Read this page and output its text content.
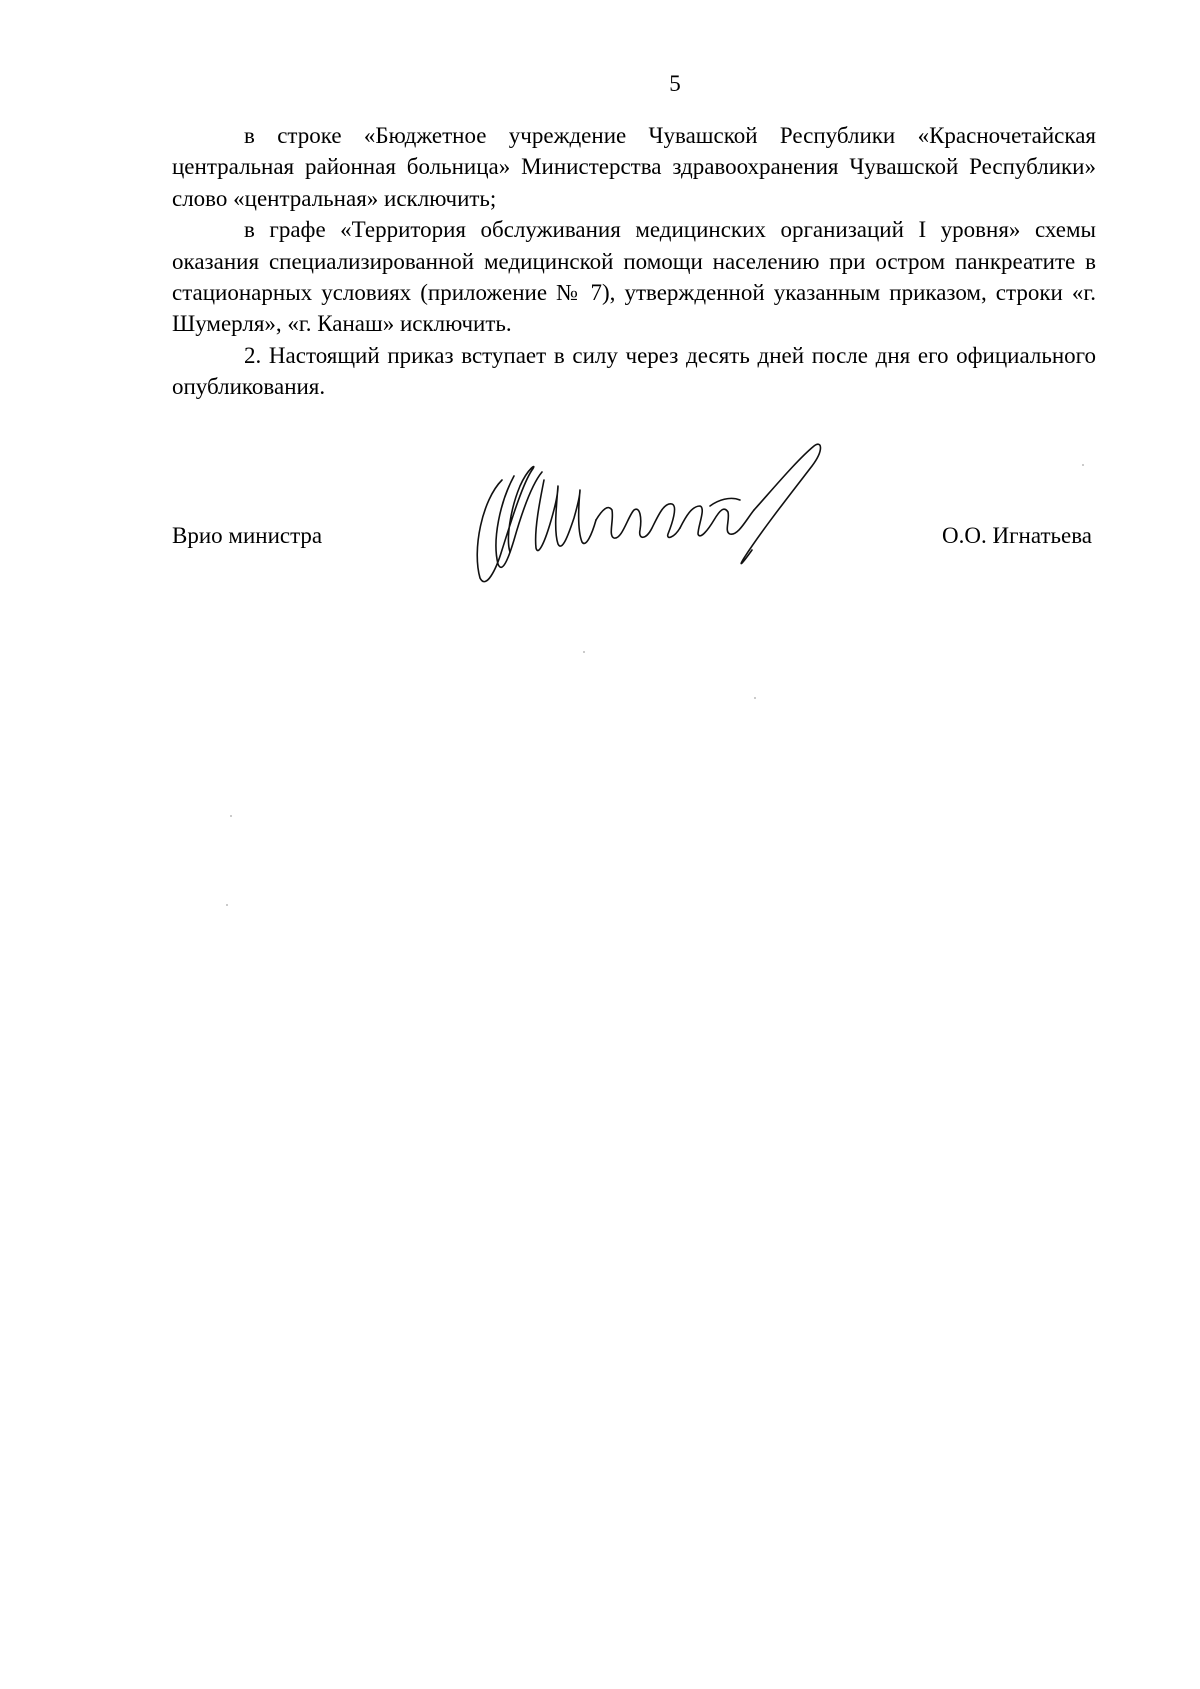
5

в строке «Бюджетное учреждение Чувашской Республики «Красночетайская центральная районная больница» Министерства здравоохранения Чувашской Республики» слово «центральная» исключить;

в графе «Территория обслуживания медицинских организаций I уровня» схемы оказания специализированной медицинской помощи населению при остром панкреатите в стационарных условиях (приложение № 7), утвержденной указанным приказом, строки «г. Шумерля», «г. Канаш» исключить.

2. Настоящий приказ вступает в силу через десять дней после дня его официального опубликования.

Врио министра	О.О. Игнатьева
